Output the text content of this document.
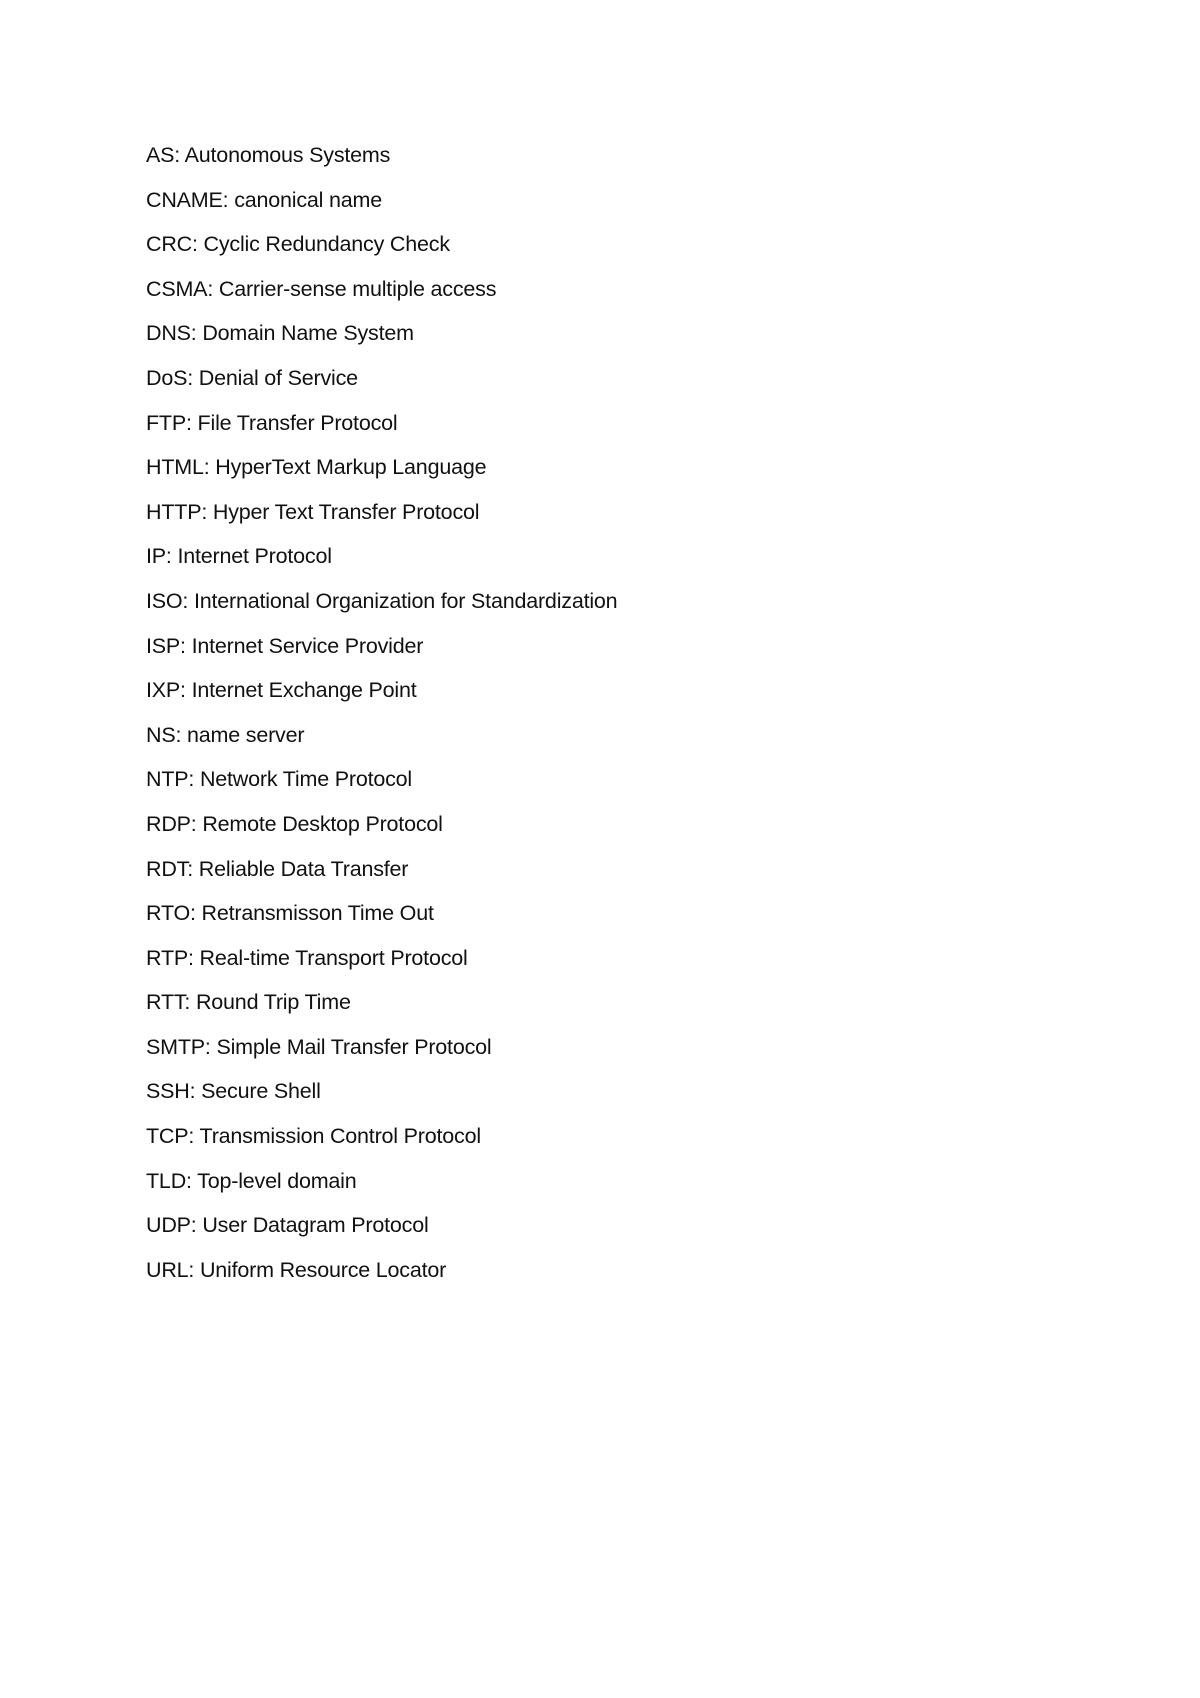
AS: Autonomous Systems
CNAME: canonical name
CRC: Cyclic Redundancy Check
CSMA: Carrier-sense multiple access
DNS: Domain Name System
DoS: Denial of Service
FTP: File Transfer Protocol
HTML: HyperText Markup Language
HTTP: Hyper Text Transfer Protocol
IP: Internet Protocol
ISO: International Organization for Standardization
ISP: Internet Service Provider
IXP: Internet Exchange Point
NS: name server
NTP: Network Time Protocol
RDP: Remote Desktop Protocol
RDT: Reliable Data Transfer
RTO: Retransmisson Time Out
RTP: Real-time Transport Protocol
RTT: Round Trip Time
SMTP: Simple Mail Transfer Protocol
SSH: Secure Shell
TCP: Transmission Control Protocol
TLD: Top-level domain
UDP: User Datagram Protocol
URL: Uniform Resource Locator
